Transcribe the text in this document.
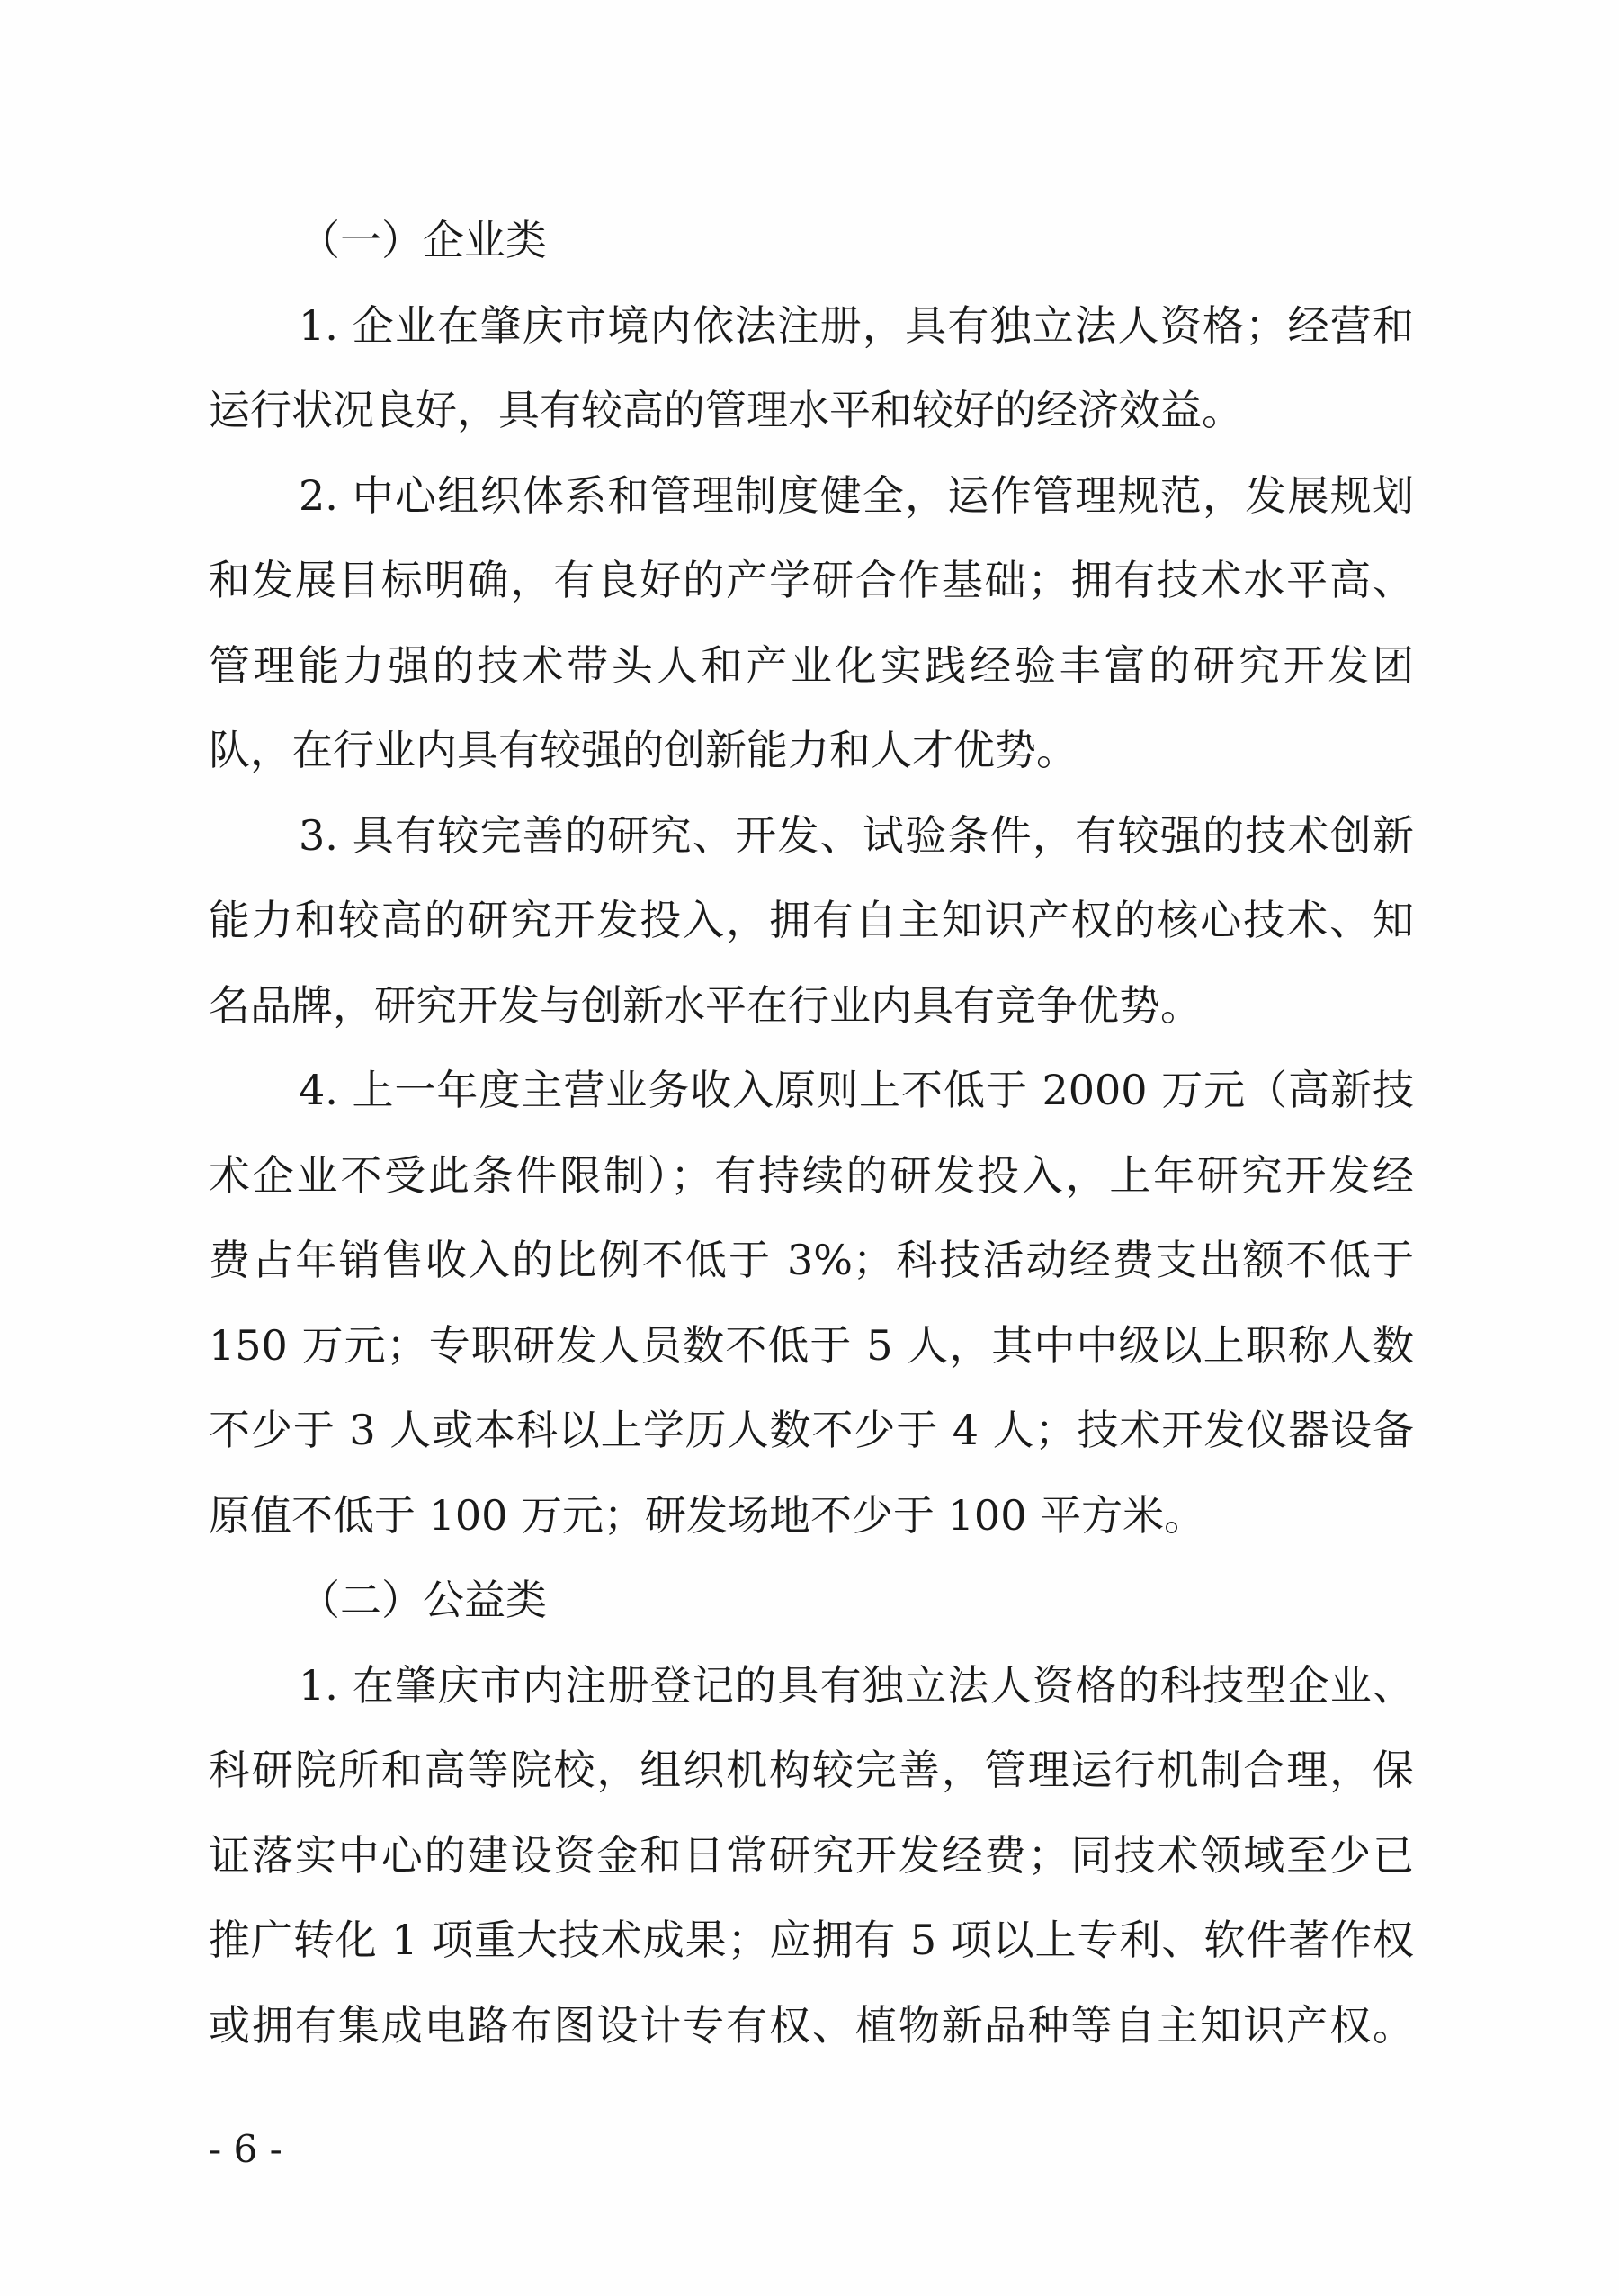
（一）企业类
1. 企业在肇庆市境内依法注册，具有独立法人资格；经营和
运行状况良好，具有较高的管理水平和较好的经济效益。
2. 中心组织体系和管理制度健全，运作管理规范，发展规划
和发展目标明确，有良好的产学研合作基础；拥有技术水平高、
管理能力强的技术带头人和产业化实践经验丰富的研究开发团
队，在行业内具有较强的创新能力和人才优势。
3. 具有较完善的研究、开发、试验条件，有较强的技术创新
能力和较高的研究开发投入，拥有自主知识产权的核心技术、知
名品牌，研究开发与创新水平在行业内具有竞争优势。
4. 上一年度主营业务收入原则上不低于 2000 万元（高新技
术企业不受此条件限制）；有持续的研发投入，上年研究开发经
费占年销售收入的比例不低于 3%；科技活动经费支出额不低于
150 万元；专职研发人员数不低于 5 人，其中中级以上职称人数
不少于 3 人或本科以上学历人数不少于 4 人；技术开发仪器设备
原值不低于 100 万元；研发场地不少于 100 平方米。
（二）公益类
1. 在肇庆市内注册登记的具有独立法人资格的科技型企业、
科研院所和高等院校，组织机构较完善，管理运行机制合理，保
证落实中心的建设资金和日常研究开发经费；同技术领域至少已
推广转化 1 项重大技术成果；应拥有 5 项以上专利、软件著作权
或拥有集成电路布图设计专有权、植物新品种等自主知识产权。
- 6 -
